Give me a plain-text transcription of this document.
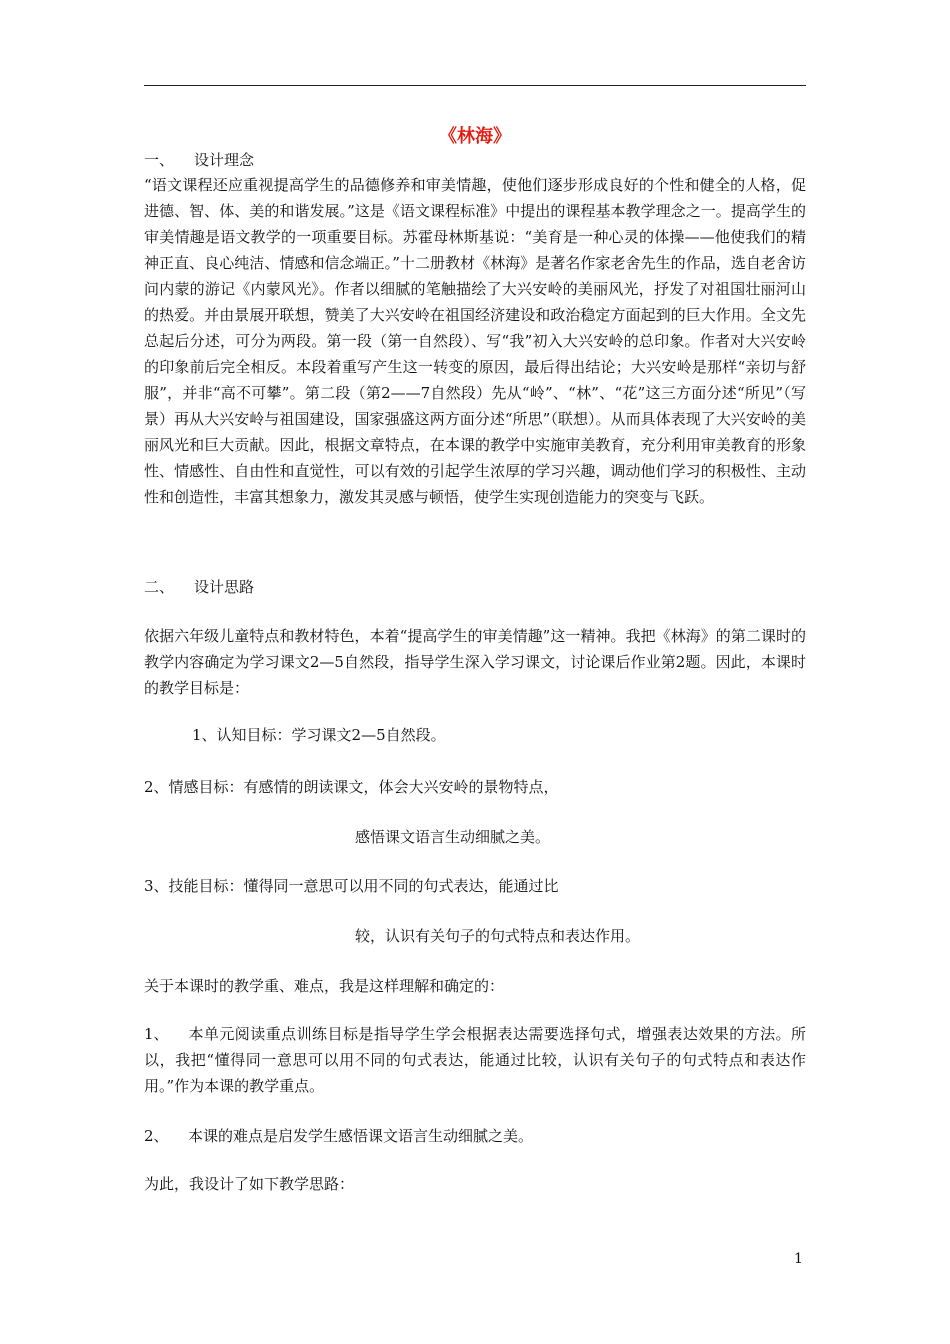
《林海》
一、 设计理念
“语文课程还应重视提高学生的品德修养和审美情趣，使他们逐步形成良好的个性和健全的人格，促进德、智、体、美的和谐发展。”这是《语文课程标准》中提出的课程基本教学理念之一。提高学生的审美情趣是语文教学的一项重要目标。苏霍母林斯基说：“美育是一种心灵的体操——他使我们的精神正直、良心纯洁、情感和信念端正。”十二册教材《林海》是著名作家老舍先生的作品，选自老舍访问内蒙的游记《内蒙风光》。作者以细腻的笔触描绘了大兴安岭的美丽风光，抒发了对祖国壮丽河山的热爱。并由景展开联想，赞美了大兴安岭在祖国经济建设和政治稳定方面起到的巨大作用。全文先总起后分述，可分为两段。第一段（第一自然段）、写“我”初入大兴安岭的总印象。作者对大兴安岭的印象前后完全相反。本段着重写产生这一转变的原因，最后得出结论；大兴安岭是那样“亲切与舒服”，并非“高不可攀”。第二段（第2——7自然段）先从“岭”、“林”、“花”这三方面分述“所见”（写景）再从大兴安岭与祖国建设，国家强盛这两方面分述“所思”（联想）。从而具体表现了大兴安岭的美丽风光和巨大贡献。因此，根据文章特点，在本课的教学中实施审美教育，充分利用审美教育的形象性、情感性、自由性和直觉性，可以有效的引起学生浓厚的学习兴趣，调动他们学习的积极性、主动性和创造性，丰富其想象力，激发其灵感与顿悟，使学生实现创造能力的突变与飞跃。
二、 设计思路
依据六年级儿童特点和教材特色，本着“提高学生的审美情趣”这一精神。我把《林海》的第二课时的教学内容确定为学习课文2—5自然段，指导学生深入学习课文，讨论课后作业第2题。因此，本课时的教学目标是：
1、认知目标：学习课文2—5自然段。
2、情感目标：有感情的朗读课文，体会大兴安岭的景物特点，
感悟课文语言生动细腻之美。
3、技能目标：懂得同一意思可以用不同的句式表达，能通过比
较，认识有关句子的句式特点和表达作用。
关于本课时的教学重、难点，我是这样理解和确定的：
1、 本单元阅读重点训练目标是指导学生学会根据表达需要选择句式，增强表达效果的方法。所以，我把“懂得同一意思可以用不同的句式表达，能通过比较，认识有关句子的句式特点和表达作用。”作为本课的教学重点。
2、 本课的难点是启发学生感悟课文语言生动细腻之美。
为此，我设计了如下教学思路：
1
